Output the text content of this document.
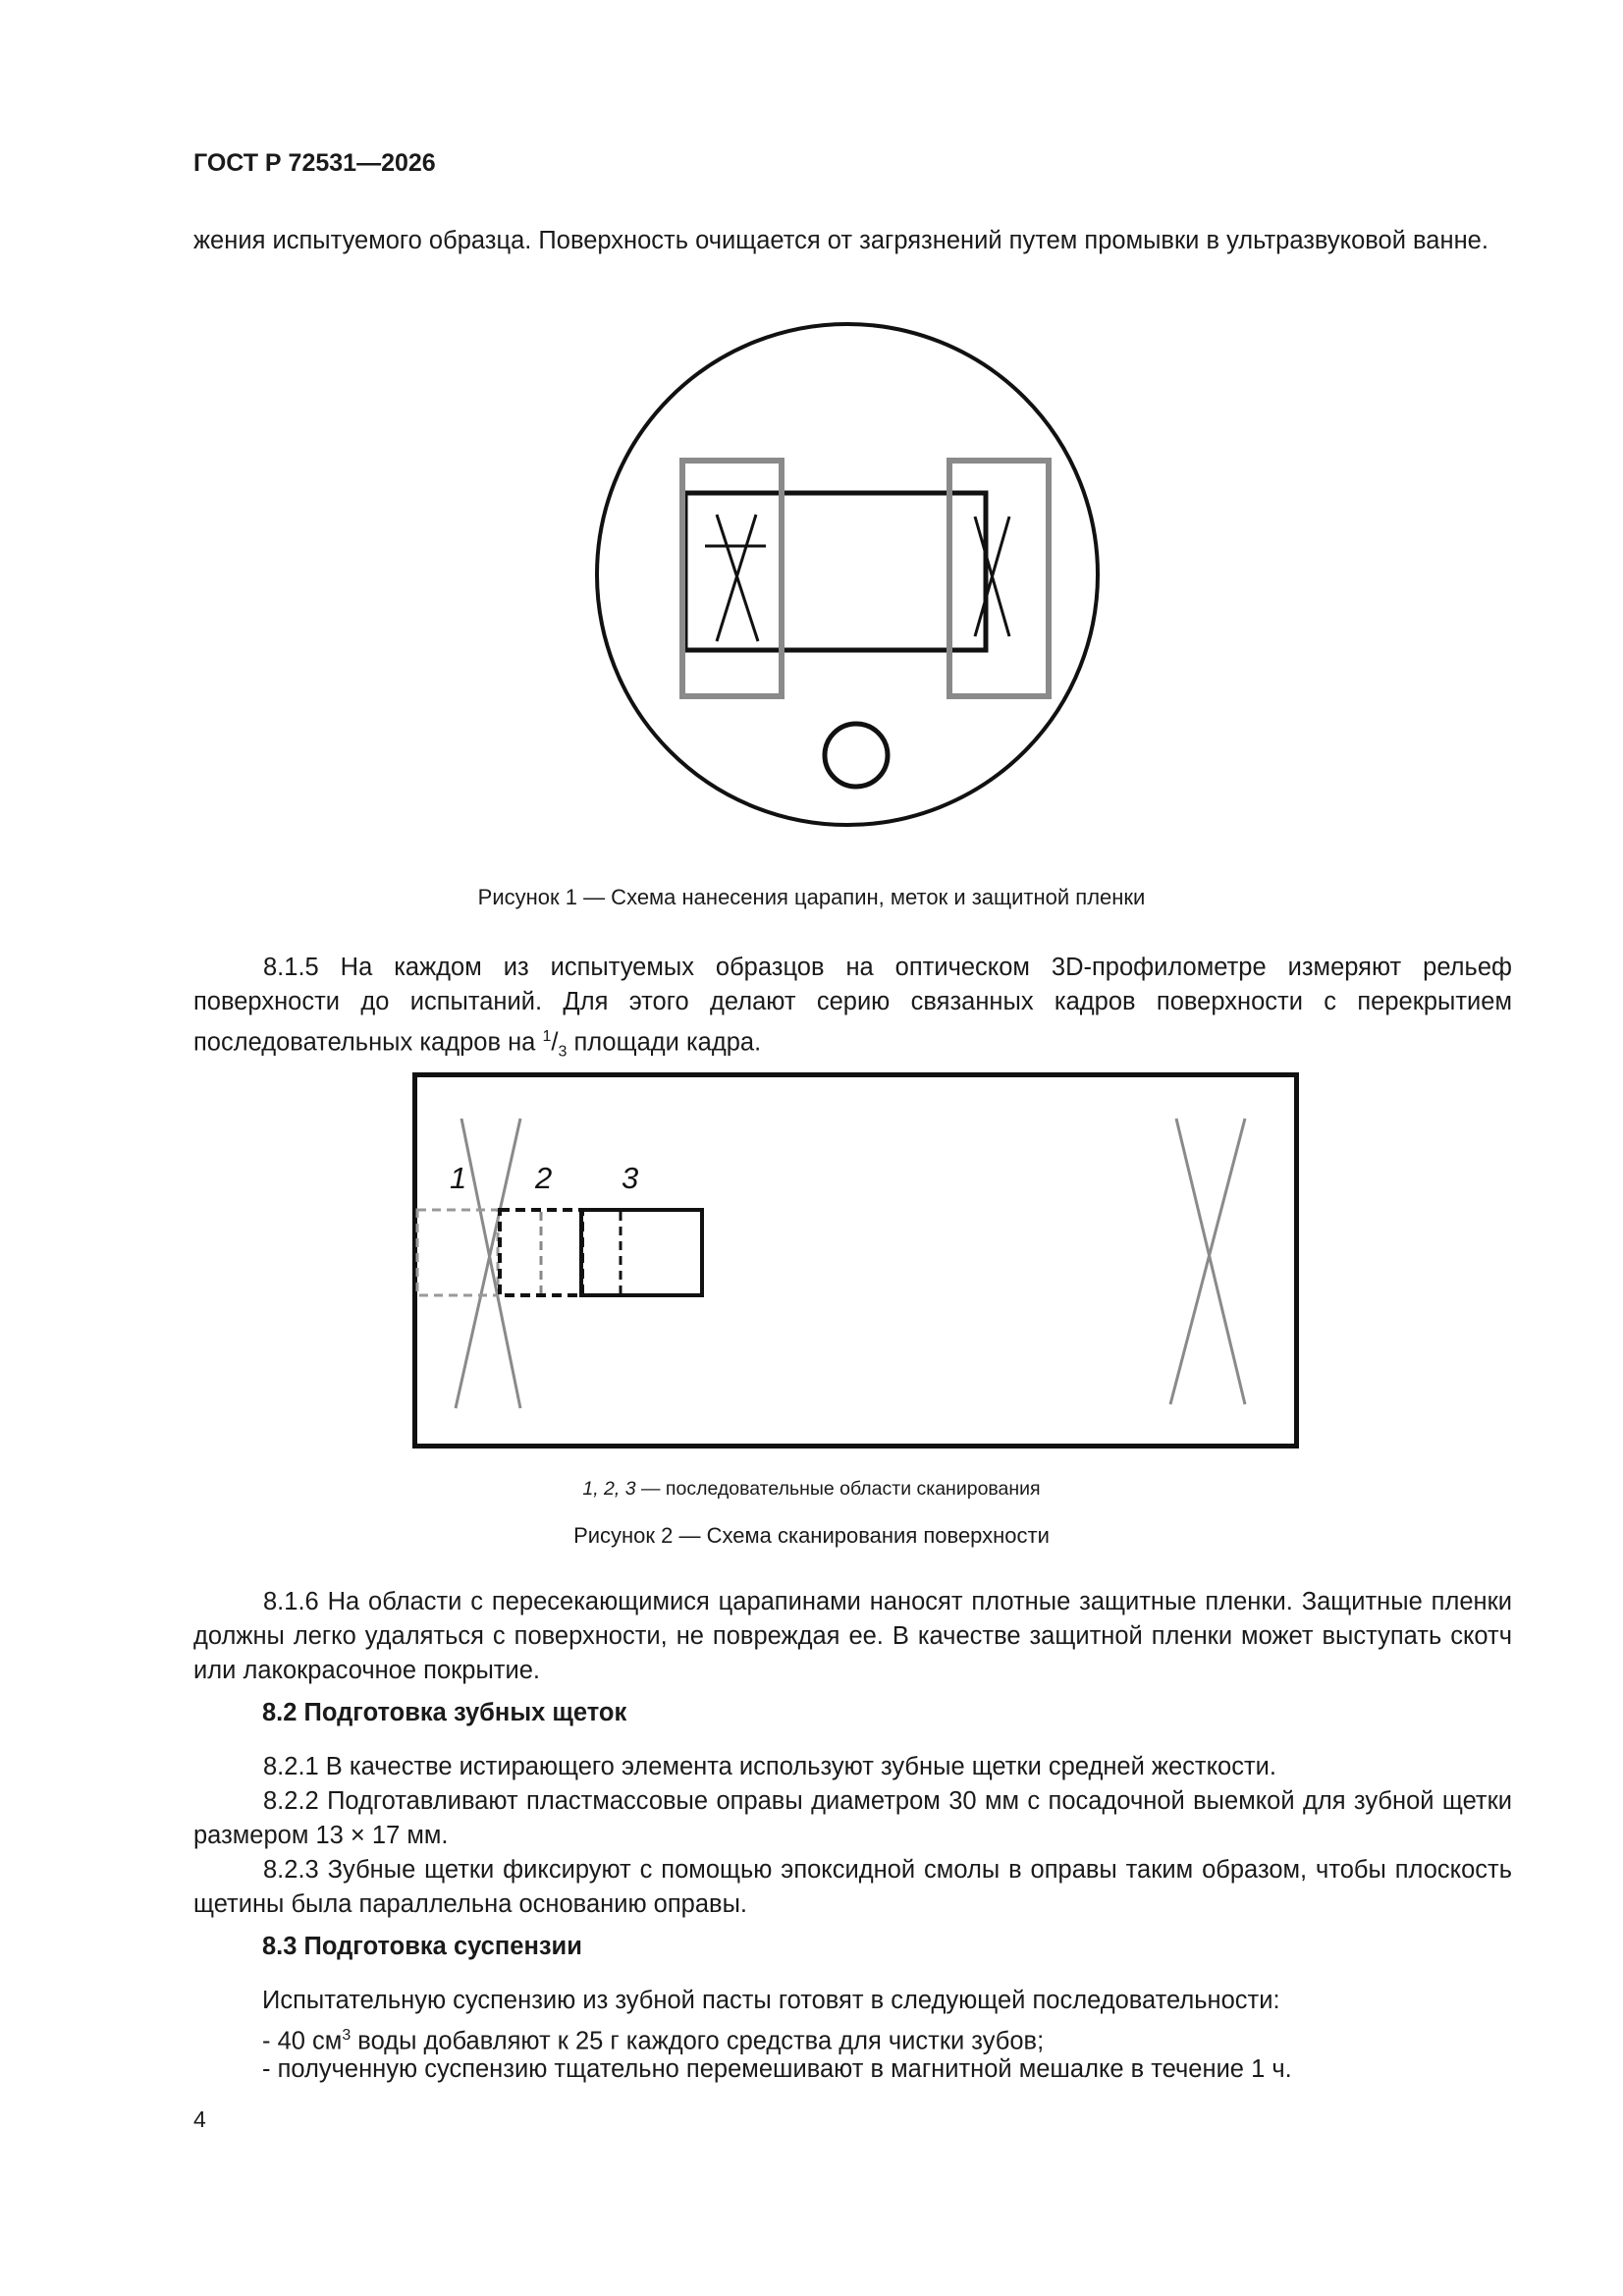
ГОСТ Р 72531—2026
жения испытуемого образца. Поверхность очищается от загрязнений путем промывки в ультразвуковой ванне.
Рисунок 1 — Схема нанесения царапин, меток и защитной пленки
8.1.5 На каждом из испытуемых образцов на оптическом 3D-профилометре измеряют рельеф поверхности до испытаний. Для этого делают серию связанных кадров поверхности с перекрытием последовательных кадров на $^1/_3$ площади кадра.
1 2 3
1, 2, 3 — последовательные области сканирования
Рисунок 2 — Схема сканирования поверхности
8.1.6 На области с пересекающимися царапинами наносят плотные защитные пленки. Защитные пленки должны легко удаляться с поверхности, не повреждая ее. В качестве защитной пленки может выступать скотч или лакокрасочное покрытие.
8.2 Подготовка зубных щеток
8.2.1 В качестве истирающего элемента используют зубные щетки средней жесткости.
8.2.2 Подготавливают пластмассовые оправы диаметром 30 мм с посадочной выемкой для зубной щетки размером 13 × 17 мм.
8.2.3 Зубные щетки фиксируют с помощью эпоксидной смолы в оправы таким образом, чтобы плоскость щетины была параллельна основанию оправы.
8.3 Подготовка суспензии
Испытательную суспензию из зубной пасты готовят в следующей последовательности:
- 40 $см^3$ воды добавляют к 25 г каждого средства для чистки зубов;
- полученную суспензию тщательно перемешивают в магнитной мешалке в течение 1 ч.
4
